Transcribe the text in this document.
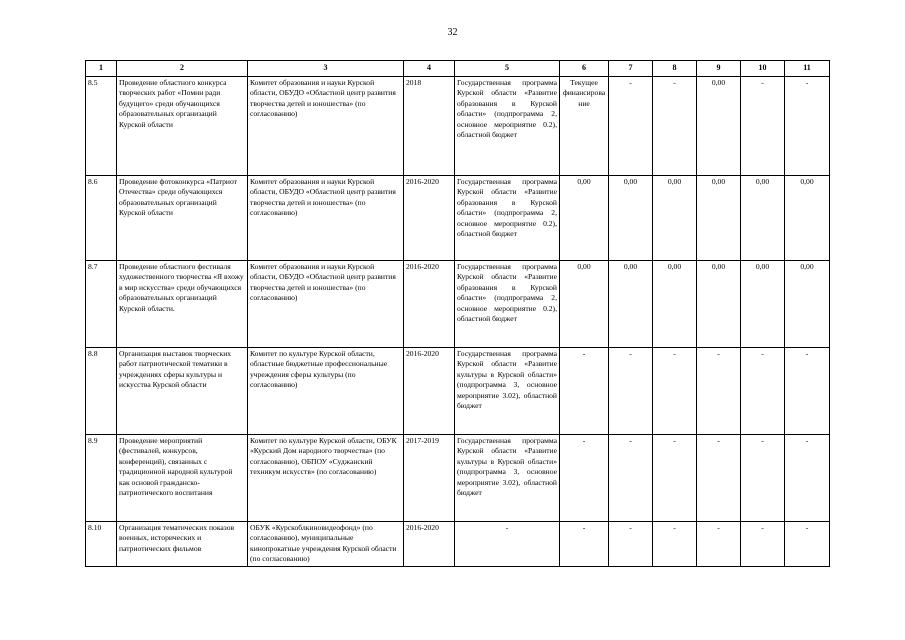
32
1	2	3	4	5	6	7	8	9	10	11
8.5	Проведение областного конкурса творческих работ «Помни ради будущего» среди обучающихся образовательных организаций Курской области	Комитет образования и науки Курской области, ОБУДО «Областной центр развития творчества детей и юношества» (по согласованию)	2018	Государственная программа Курской области «Развитие образования в Курской области» (подпрограмма 2, основное мероприятие 0.2), областной бюджет	Текущее финансирова ние	-	-	0,00	-	-
8.6	Проведение фотоконкурса «Патриот Отечества» среди обучающихся образовательных организаций Курской области	Комитет образования и науки Курской области, ОБУДО «Областной центр развития творчества детей и юношества» (по согласованию)	2016-2020	Государственная программа Курской области «Развитие образования в Курской области» (подпрограмма 2, основное мероприятие 0.2), областной бюджет	0,00	0,00	0,00	0,00	0,00	0,00
8.7	Проведение областного фестиваля художественного творчества «Я вхожу в мир искусства» среди обучающихся образовательных организаций Курской области.	Комитет образования и науки Курской области, ОБУДО «Областной центр развития творчества детей и юношества» (по согласованию)	2016-2020	Государственная программа Курской области «Развитие образования в Курской области» (подпрограмма 2, основное мероприятие 0.2), областной бюджет	0,00	0,00	0,00	0,00	0,00	0,00
8.8	Организация выставок творческих работ патриотической тематики в учреждениях сферы культуры и искусства Курской области	Комитет по культуре Курской области, областные бюджетные профессиональные учреждения сферы культуры (по согласованию)	2016-2020	Государственная программа Курской области «Развитие культуры в Курской области» (подпрограмма 3, основное мероприятие 3.02), областной бюджет	-	-	-	-	-	-
8.9	Проведение мероприятий (фестивалей, конкурсов, конференций), связанных с традиционной народной культурой как основой гражданско-патриотического воспитания	Комитет по культуре Курской области, ОБУК «Курский Дом народного творчества» (по согласованию), ОБПОУ «Суджанский техникум искусств» (по согласованию)	2017-2019	Государственная программа Курской области «Развитие культуры в Курской области» (подпрограмма 3, основное мероприятие 3.02), областной бюджет	-	-	-	-	-	-
8.10	Организация тематических показов военных, исторических и патриотических фильмов	ОБУК «Курскоблкиновидеофонд» (по согласованию), муниципальные кинопрокатные учреждения Курской области (по согласованию)	2016-2020	-	-	-	-	-	-	-
